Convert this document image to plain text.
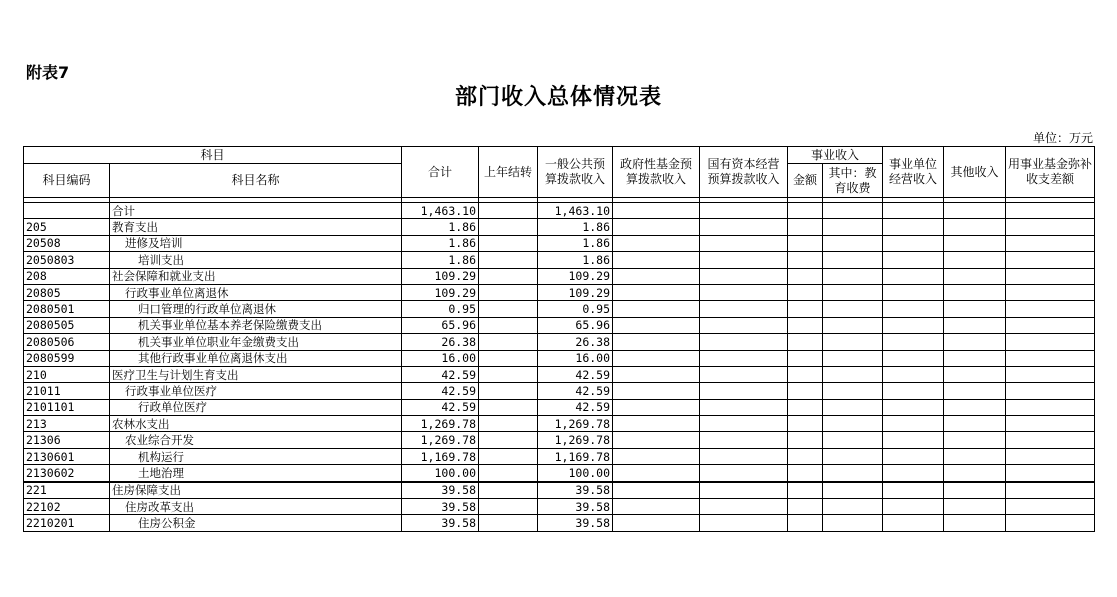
附表7
部门收入总体情况表
单位：万元
科目		合计	上年结转	一般公共预算拨款收入	政府性基金预算拨款收入	国有资本经营预算拨款收入	事业收入		事业单位经营收入	其他收入	用事业基金弥补收支差额
科目编码	科目名称						金额	其中：教育收费			

	合计	1,463.10		1,463.10							
205	教育支出	1.86		1.86							
20508	进修及培训	1.86		1.86							
2050803	培训支出	1.86		1.86							
208	社会保障和就业支出	109.29		109.29							
20805	行政事业单位离退休	109.29		109.29							
2080501	归口管理的行政单位离退休	0.95		0.95							
2080505	机关事业单位基本养老保险缴费支出	65.96		65.96							
2080506	机关事业单位职业年金缴费支出	26.38		26.38							
2080599	其他行政事业单位离退休支出	16.00		16.00							
210	医疗卫生与计划生育支出	42.59		42.59							
21011	行政事业单位医疗	42.59		42.59							
2101101	行政单位医疗	42.59		42.59							
213	农林水支出	1,269.78		1,269.78							
21306	农业综合开发	1,269.78		1,269.78							
2130601	机构运行	1,169.78		1,169.78							
2130602	土地治理	100.00		100.00							
221	住房保障支出	39.58		39.58							
22102	住房改革支出	39.58		39.58							
2210201	住房公积金	39.58		39.58							
